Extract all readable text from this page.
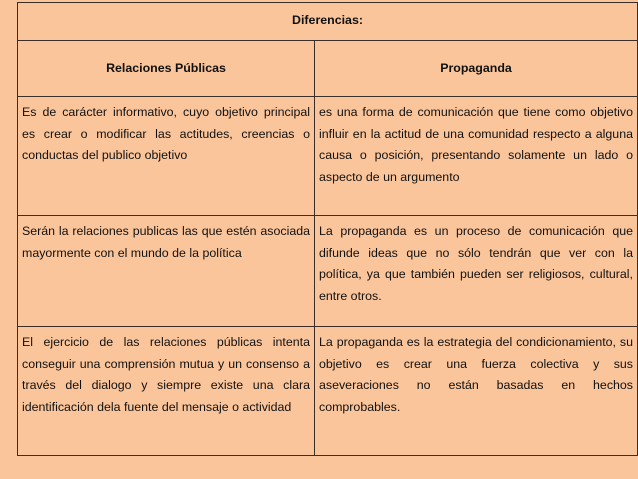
Diferencias:	
Relaciones Públicas	Propaganda
Es de carácter informativo, cuyo objetivo principal es crear o modificar las actitudes, creencias o conductas del publico objetivo	es una forma de comunicación que tiene como objetivo influir en la actitud de una comunidad respecto a alguna causa o posición, presentando solamente un lado o aspecto de un argumento
Serán la relaciones publicas las que estén asociada mayormente con el mundo de la política	La propaganda es un proceso de comunicación que difunde ideas que no sólo tendrán que ver con la política, ya que también pueden ser religiosos, cultural, entre otros.
El ejercicio de las relaciones públicas intenta conseguir una comprensión mutua y un consenso a través del dialogo y siempre existe una clara identificación dela fuente del mensaje o actividad	La propaganda es la estrategia del condicionamiento, su objetivo es crear una fuerza colectiva y sus aseveraciones no están basadas en hechos comprobables.
